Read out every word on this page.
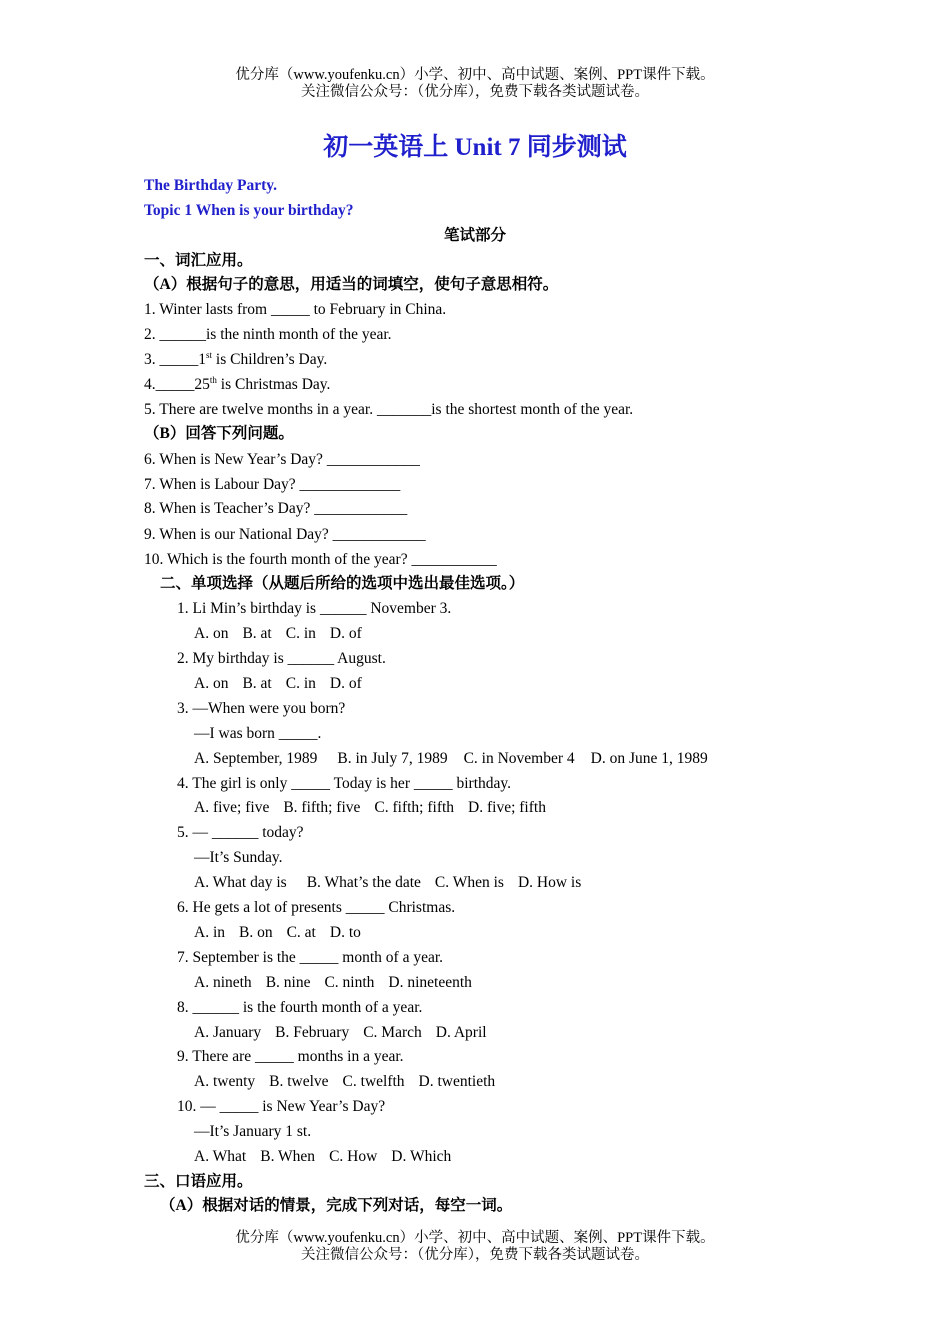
优分库（www.youfenku.cn）小学、初中、高中试题、案例、PPT课件下载。
关注微信公众号：（优分库），免费下载各类试题试卷。
初一英语上 Unit 7 同步测试
The Birthday Party.
Topic 1 When is your birthday?
笔试部分
一、词汇应用。
（A）根据句子的意思，用适当的词填空，使句子意思相符。
1. Winter lasts from _____ to February in China.
2. ______is the ninth month of the year.
3. _____1st is Children’s Day.
4._____25th is Christmas Day.
5. There are twelve months in a year. _______is the shortest month of the year.
（B）回答下列问题。
6. When is New Year’s Day? ____________
7. When is Labour Day? _____________
8. When is Teacher’s Day? ____________
9. When is our National Day? ____________
10. Which is the fourth month of the year? ___________
二、单项选择（从题后所给的选项中选出最佳选项。）
1. Li Min’s birthday is ______ November 3.
A. on B. at C. in D. of
2. My birthday is ______ August.
A. on B. at C. in D. of
3. —When were you born?
—I was born _____.
A. September, 1989 B. in July 7, 1989 C. in November 4 D. on June 1, 1989
4. The girl is only _____ Today is her _____ birthday.
A. five; five B. fifth; five C. fifth; fifth D. five; fifth
5. — ______ today?
—It’s Sunday.
A. What day is B. What’s the date C. When is D. How is
6. He gets a lot of presents _____ Christmas.
A. in B. on C. at D. to
7. September is the _____ month of a year.
A. nineth B. nine C. ninth D. nineteenth
8. ______ is the fourth month of a year.
A. January B. February C. March D. April
9. There are _____ months in a year.
A. twenty B. twelve C. twelfth D. twentieth
10. — _____ is New Year’s Day?
—It’s January 1 st.
A. What B. When C. How D. Which
三、口语应用。
（A）根据对话的情景，完成下列对话，每空一词。
优分库（www.youfenku.cn）小学、初中、高中试题、案例、PPT课件下载。
关注微信公众号：（优分库），免费下载各类试题试卷。
